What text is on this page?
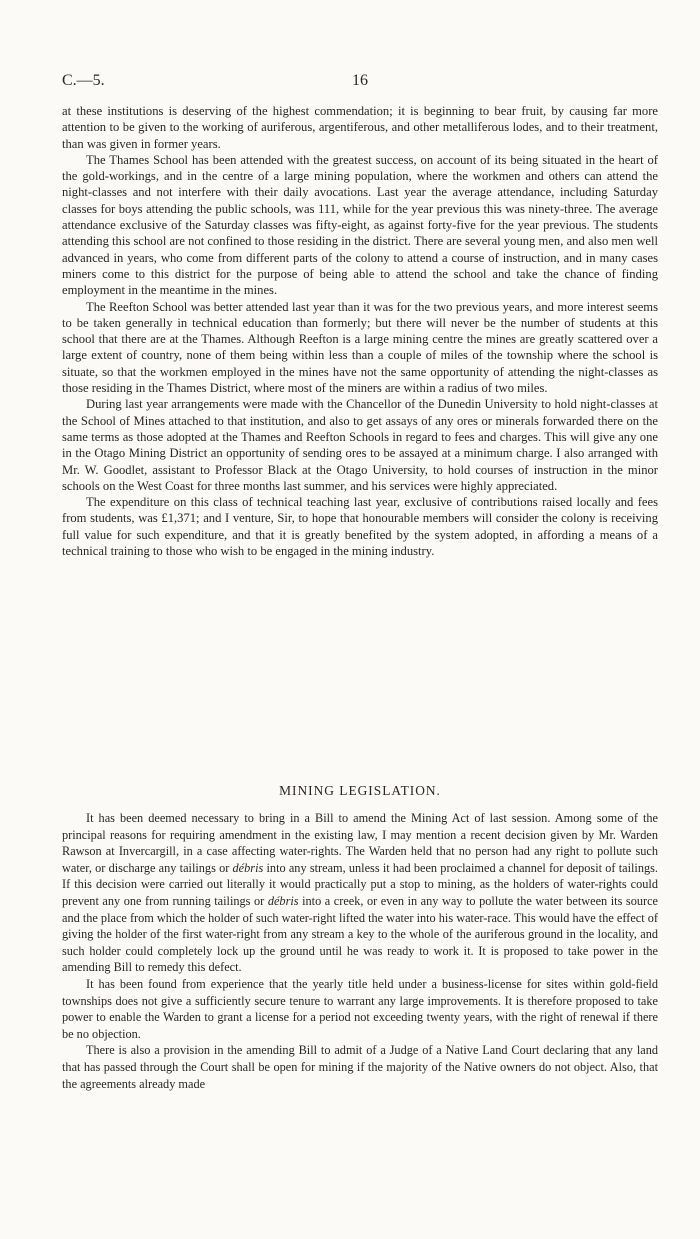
C.—5.	16

at these institutions is deserving of the highest commendation; it is beginning to bear fruit, by causing far more attention to be given to the working of auriferous, argentiferous, and other metalliferous lodes, and to their treatment, than was given in former years.

The Thames School has been attended with the greatest success, on account of its being situated in the heart of the gold-workings, and in the centre of a large mining population, where the workmen and others can attend the night-classes and not interfere with their daily avocations. Last year the average attendance, including Saturday classes for boys attending the public schools, was 111, while for the year previous this was ninety-three. The average attendance exclusive of the Saturday classes was fifty-eight, as against forty-five for the year previous. The students attending this school are not confined to those residing in the district. There are several young men, and also men well advanced in years, who come from different parts of the colony to attend a course of instruction, and in many cases miners come to this district for the purpose of being able to attend the school and take the chance of finding employment in the meantime in the mines.

The Reefton School was better attended last year than it was for the two previous years, and more interest seems to be taken generally in technical education than formerly; but there will never be the number of students at this school that there are at the Thames. Although Reefton is a large mining centre the mines are greatly scattered over a large extent of country, none of them being within less than a couple of miles of the township where the school is situate, so that the workmen employed in the mines have not the same opportunity of attending the night-classes as those residing in the Thames District, where most of the miners are within a radius of two miles.

During last year arrangements were made with the Chancellor of the Dunedin University to hold night-classes at the School of Mines attached to that institution, and also to get assays of any ores or minerals forwarded there on the same terms as those adopted at the Thames and Reefton Schools in regard to fees and charges. This will give any one in the Otago Mining District an opportunity of sending ores to be assayed at a minimum charge. I also arranged with Mr. W. Goodlet, assistant to Professor Black at the Otago University, to hold courses of instruction in the minor schools on the West Coast for three months last summer, and his services were highly appreciated.

The expenditure on this class of technical teaching last year, exclusive of contributions raised locally and fees from students, was £1,371; and I venture, Sir, to hope that honourable members will consider the colony is receiving full value for such expenditure, and that it is greatly benefited by the system adopted, in affording a means of a technical training to those who wish to be engaged in the mining industry.

MINING LEGISLATION.

It has been deemed necessary to bring in a Bill to amend the Mining Act of last session. Among some of the principal reasons for requiring amendment in the existing law, I may mention a recent decision given by Mr. Warden Rawson at Invercargill, in a case affecting water-rights. The Warden held that no person had any right to pollute such water, or discharge any tailings or débris into any stream, unless it had been proclaimed a channel for deposit of tailings. If this decision were carried out literally it would practically put a stop to mining, as the holders of water-rights could prevent any one from running tailings or débris into a creek, or even in any way to pollute the water between its source and the place from which the holder of such water-right lifted the water into his water-race. This would have the effect of giving the holder of the first water-right from any stream a key to the whole of the auriferous ground in the locality, and such holder could completely lock up the ground until he was ready to work it. It is proposed to take power in the amending Bill to remedy this defect.

It has been found from experience that the yearly title held under a business-license for sites within gold-field townships does not give a sufficiently secure tenure to warrant any large improvements. It is therefore proposed to take power to enable the Warden to grant a license for a period not exceeding twenty years, with the right of renewal if there be no objection.

There is also a provision in the amending Bill to admit of a Judge of a Native Land Court declaring that any land that has passed through the Court shall be open for mining if the majority of the Native owners do not object. Also, that the agreements already made
